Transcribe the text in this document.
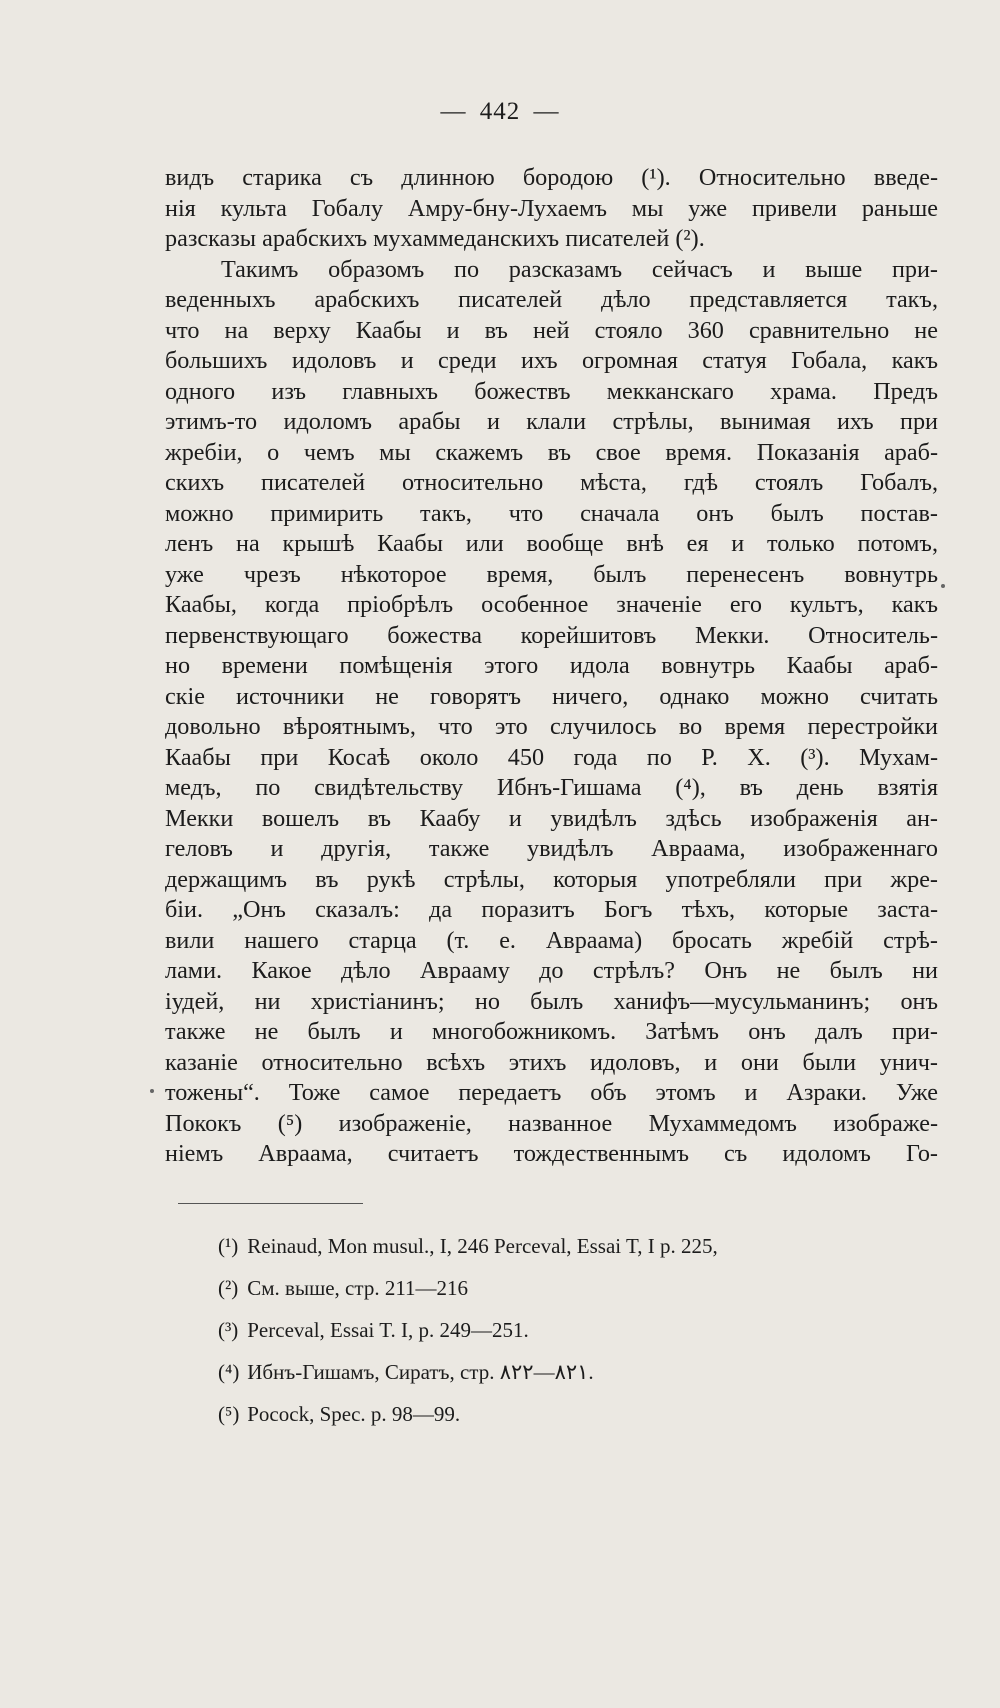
— 442 —
видъ старика съ длинною бородою (¹). Относительно введе-
нія культа Гобалу Амру-бну-Лухаемъ мы уже привели раньше
разсказы арабскихъ мухаммеданскихъ писателей (²).
Такимъ образомъ по разсказамъ сейчасъ и выше при-
веденныхъ арабскихъ писателей дѣло представляется такъ,
что на верху Каабы и въ ней стояло 360 сравнительно не
большихъ идоловъ и среди ихъ огромная статуя Гобала, какъ
одного изъ главныхъ божествъ мекканскаго храма. Предъ
этимъ-то идоломъ арабы и клали стрѣлы, вынимая ихъ при
жребіи, о чемъ мы скажемъ въ свое время. Показанія араб-
скихъ писателей относительно мѣста, гдѣ стоялъ Гобалъ,
можно примирить такъ, что сначала онъ былъ постав-
ленъ на крышѣ Каабы или вообще внѣ ея и только потомъ,
уже чрезъ нѣкоторое время, былъ перенесенъ вовнутрь
Каабы, когда пріобрѣлъ особенное значеніе его культъ, какъ
первенствующаго божества корейшитовъ Мекки. Относитель-
но времени помѣщенія этого идола вовнутрь Каабы араб-
скіе источники не говорятъ ничего, однако можно считать
довольно вѣроятнымъ, что это случилось во время перестройки
Каабы при Косаѣ около 450 года по Р. Х. (³). Мухам-
медъ, по свидѣтельству Ибнъ-Гишама (⁴), въ день взятія
Мекки вошелъ въ Каабу и увидѣлъ здѣсь изображенія ан-
геловъ и другія, также увидѣлъ Авраама, изображеннаго
держащимъ въ рукѣ стрѣлы, которыя употребляли при жре-
біи. „Онъ сказалъ: да поразитъ Богъ тѣхъ, которые заста-
вили нашего старца (т. е. Авраама) бросать жребій стрѣ-
лами. Какое дѣло Аврааму до стрѣлъ? Онъ не былъ ни
іудей, ни христіанинъ; но былъ ханифъ—мусульманинъ; онъ
также не былъ и многобожникомъ. Затѣмъ онъ далъ при-
казаніе относительно всѣхъ этихъ идоловъ, и они были унич-
тожены“. Тоже самое передаетъ объ этомъ и Азраки. Уже
Пококъ (⁵) изображеніе, названное Мухаммедомъ изображе-
ніемъ Авраама, считаетъ тождественнымъ съ идоломъ Го-
(¹) Reinaud, Mon musul., I, 246 Perceval, Essai T, I p. 225,
(²) См. выше, стр. 211—216
(³) Perceval, Essai T. I, p. 249—251.
(⁴) Ибнъ-Гишамъ, Сиратъ, стр. ٨٢١—٨٢٢.
(⁵) Pocock, Spec. p. 98—99.
